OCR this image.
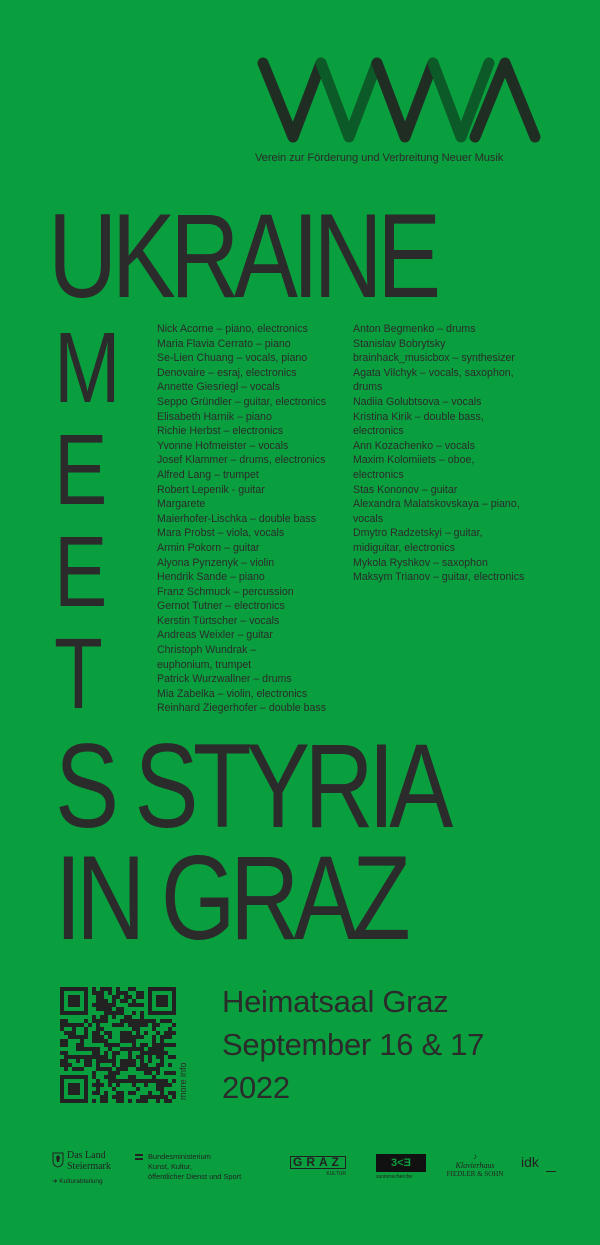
Verein zur Förderung und Verbreitung Neuer Musik
UKRAINE
M
E
E
T
S STYRIA
IN GRAZ
Nick Acorne – piano, electronics
Maria Flavia Cerrato – piano
Se-Lien Chuang – vocals, piano
Denovaire – esraj, electronics
Annette Giesriegl – vocals
Seppo Gründler – guitar, electronics
Elisabeth Harnik – piano
Richie Herbst – electronics
Yvonne Hofmeister – vocals
Josef Klammer – drums, electronics
Alfred Lang – trumpet
Robert Lepenik - guitar
Margarete
Maierhofer-Lischka – double bass
Mara Probst – viola, vocals
Armin Pokorn – guitar
Alyona Pynzenyk – violin
Hendrik Sande – piano
Franz Schmuck – percussion
Gernot Tutner – electronics
Kerstin Türtscher – vocals
Andreas Weixler – guitar
Christoph Wundrak –
euphonium, trumpet
Patrick Wurzwallner – drums
Mia Zabelka – violin, electronics
Reinhard Ziegerhofer – double bass
Anton Begmenko – drums
Stanislav Bobrytsky
brainhack_musicbox – synthesizer
Agata Vilchyk – vocals, saxophon,
drums
Nadiia Golubtsova – vocals
Kristina Kirik – double bass,
electronics
Ann Kozachenko – vocals
Maxim Kolomiiets – oboe,
electronics
Stas Kononov – guitar
Alexandra Malatskovskaya – piano,
vocals
Dmytro Radzetskyi – guitar,
midiguitar, electronics
Mykola Ryshkov – saxophon
Maksym Trianov – guitar, electronics
more info
Heimatsaal Graz
September 16 & 17
2022
Das Land
Steiermark
➜ Kulturabteilung
Bundesministerium
Kunst, Kultur,
öffentlicher Dienst und Sport
GRAZ
KULTUR
3<Ǝ
suntorrecherche
♪
Klavierhaus
FIEDLER & SOHN
idk
